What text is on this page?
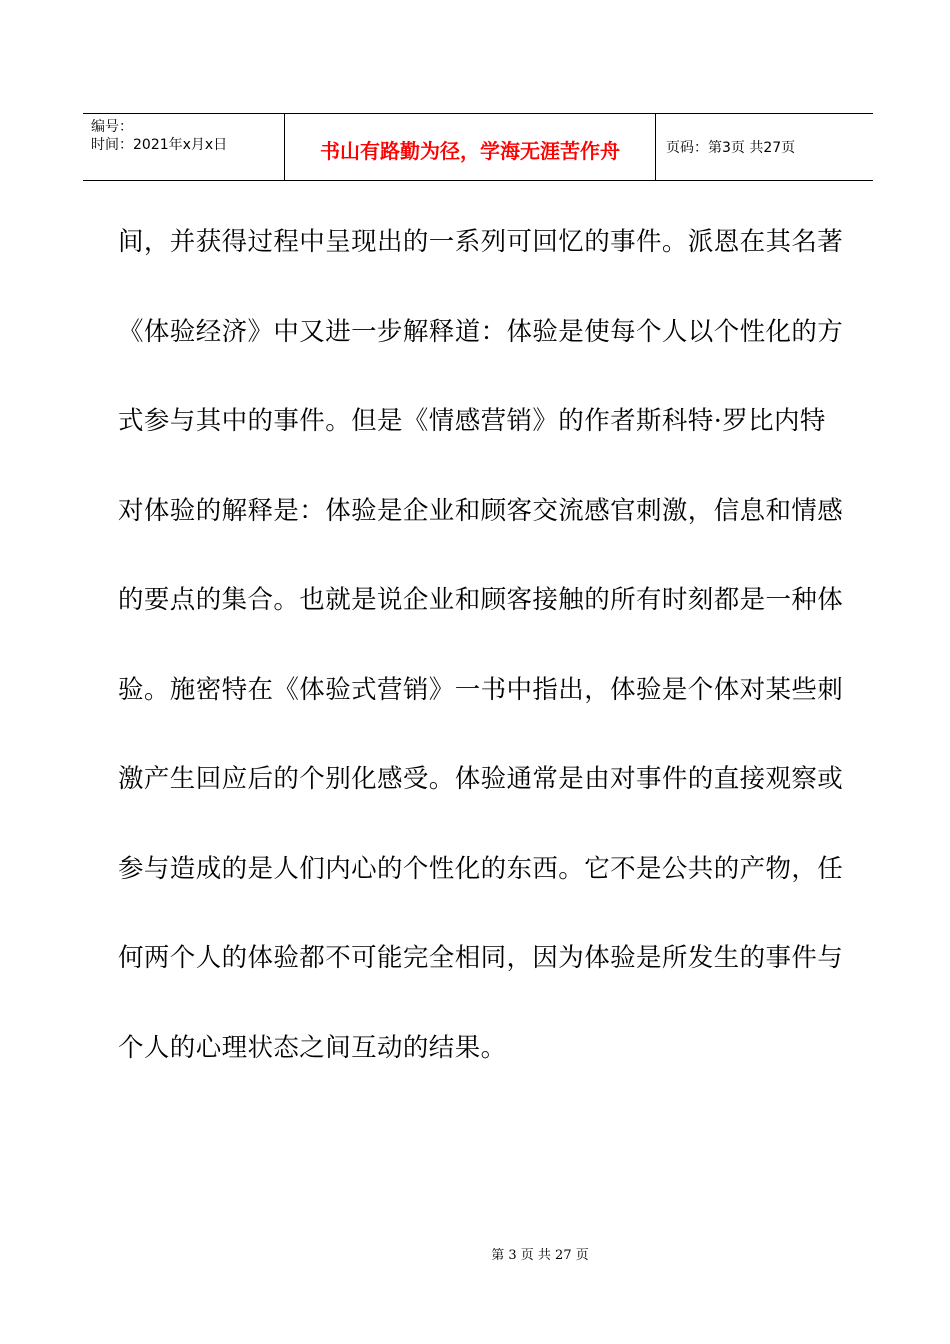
编号：
时间：2021年x月x日	书山有路勤为径，学海无涯苦作舟	页码：第3页 共27页
间，并获得过程中呈现出的一系列可回忆的事件。派恩在其名著
《体验经济》中又进一步解释道：体验是使每个人以个性化的方
式参与其中的事件。但是《情感营销》的作者斯科特·罗比内特
对体验的解释是：体验是企业和顾客交流感官刺激，信息和情感
的要点的集合。也就是说企业和顾客接触的所有时刻都是一种体
验。施密特在《体验式营销》一书中指出，体验是个体对某些刺
激产生回应后的个别化感受。体验通常是由对事件的直接观察或
参与造成的是人们内心的个性化的东西。它不是公共的产物，任
何两个人的体验都不可能完全相同，因为体验是所发生的事件与
个人的心理状态之间互动的结果。
第 3 页 共 27 页
